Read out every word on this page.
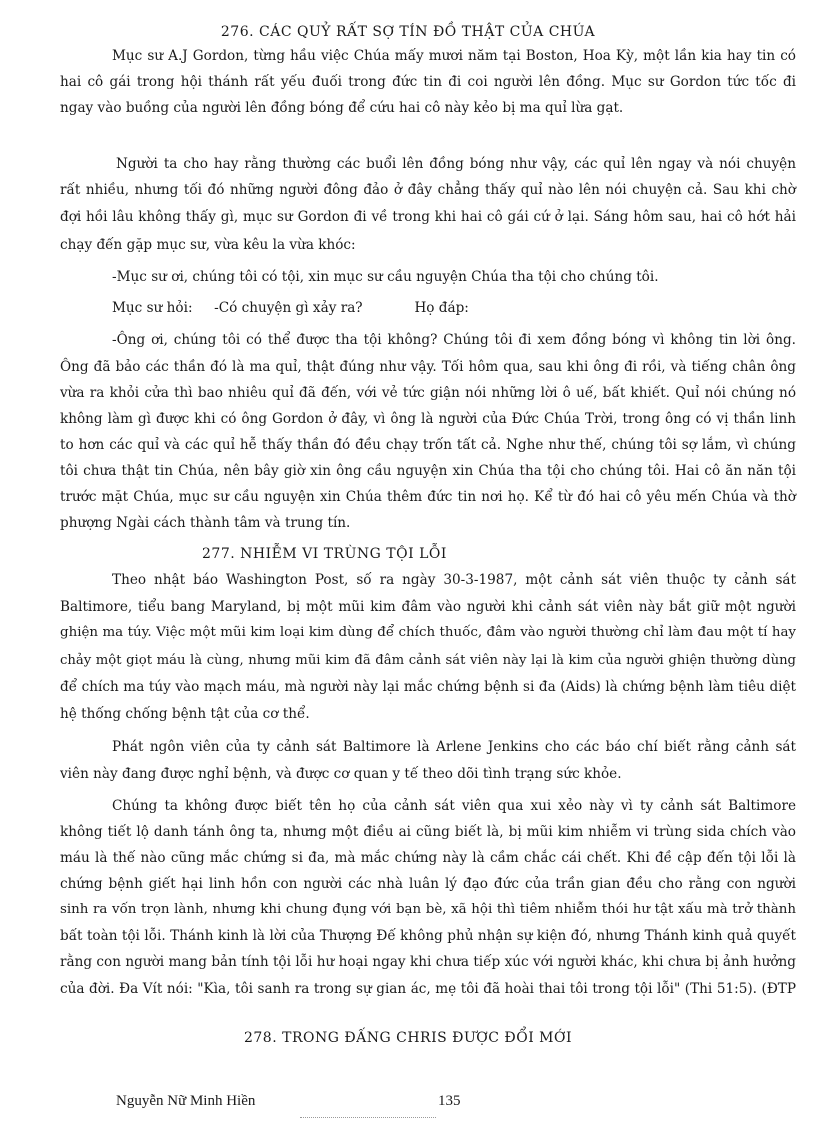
276. CÁC QUỶ RẤT SỢ TÍN ĐỒ THẬT CỦA CHÚA

Mục sư A.J Gordon, từng hầu việc Chúa mấy mươi năm tại Boston, Hoa Kỳ, một lần kia hay tin có

hai cô gái trong hội thánh rất yếu đuối trong đức tin đi coi người lên đồng. Mục sư Gordon tức tốc đi

ngay vào buồng của người lên đồng bóng để cứu hai cô này kẻo bị ma quỉ lừa gạt.

Người ta cho hay rằng thường các buổi lên đồng bóng như vậy, các quỉ lên ngay và nói chuyện

rất nhiều, nhưng tối đó những người đông đảo ở đây chẳng thấy quỉ nào lên nói chuyện cả. Sau khi chờ

đợi hồi lâu không thấy gì, mục sư Gordon đi về trong khi hai cô gái cứ ở lại. Sáng hôm sau, hai cô hớt hải

chạy đến gặp mục sư, vừa kêu la vừa khóc:

-Mục sư ơi, chúng tôi có tội, xin mục sư cầu nguyện Chúa tha tội cho chúng tôi.

Mục sư hỏi:     -Có chuyện gì xảy ra?            Họ đáp:

-Ông ơi, chúng tôi có thể được tha tội không? Chúng tôi đi xem đồng bóng vì không tin lời ông.

Ông đã bảo các thần đó là ma quỉ, thật đúng như vậy. Tối hôm qua, sau khi ông đi rồi, và tiếng chân ông

vừa ra khỏi cửa thì bao nhiêu quỉ đã đến, với vẻ tức giận nói những lời ô uế, bất khiết. Quỉ nói chúng nó

không làm gì được khi có ông Gordon ở đây, vì ông là người của Đức Chúa Trời, trong ông có vị thần linh

to hơn các quỉ và các quỉ hễ thấy thần đó đều chạy trốn tất cả. Nghe như thế, chúng tôi sợ lắm, vì chúng

tôi chưa thật tin Chúa, nên bây giờ xin ông cầu nguyện xin Chúa tha tội cho chúng tôi. Hai cô ăn năn tội

trước mặt Chúa, mục sư cầu nguyện xin Chúa thêm đức tin nơi họ. Kể từ đó hai cô yêu mến Chúa và thờ

phượng Ngài cách thành tâm và trung tín.

277. NHIỄM VI TRÙNG TỘI LỖI

Theo nhật báo Washington Post, số ra ngày 30-3-1987, một cảnh sát viên thuộc ty cảnh sát

Baltimore, tiểu bang Maryland, bị một mũi kim đâm vào người khi cảnh sát viên này bắt giữ một người

ghiện ma túy. Việc một mũi kim loại kim dùng để chích thuốc, đâm vào người thường chỉ làm đau một tí hay

chảy một giọt máu là cùng, nhưng mũi kim đã đâm cảnh sát viên này lại là kim của người ghiện thường dùng

để chích ma túy vào mạch máu, mà người này lại mắc chứng bệnh si đa (Aids) là chứng bệnh làm tiêu diệt

hệ thống chống bệnh tật của cơ thể.

Phát ngôn viên của ty cảnh sát Baltimore là Arlene Jenkins cho các báo chí biết rằng cảnh sát

viên này đang được nghỉ bệnh, và được cơ quan y tế theo dõi tình trạng sức khỏe.

Chúng ta không được biết tên họ của cảnh sát viên qua xui xẻo này vì ty cảnh sát Baltimore

không tiết lộ danh tánh ông ta, nhưng một điều ai cũng biết là, bị mũi kim nhiễm vi trùng sida chích vào

máu là thế nào cũng mắc chứng si đa, mà mắc chứng này là cầm chắc cái chết. Khi đề cập đến tội lỗi là

chứng bệnh giết hại linh hồn con người các nhà luân lý đạo đức của trần gian đều cho rằng con người

sinh ra vốn trọn lành, nhưng khi chung đụng với bạn bè, xã hội thì tiêm nhiễm thói hư tật xấu mà trở thành

bất toàn tội lỗi. Thánh kinh là lời của Thượng Đế không phủ nhận sự kiện đó, nhưng Thánh kinh quả quyết

rằng con người mang bản tính tội lỗi hư hoại ngay khi chưa tiếp xúc với người khác, khi chưa bị ảnh hưởng

của đời. Đa Vít nói: "Kìa, tôi sanh ra trong sự gian ác, mẹ tôi đã hoài thai tôi trong tội lỗi" (Thi 51:5). (ĐTP

278. TRONG ĐẤNG CHRIS ĐƯỢC ĐỔI MỚI
Nguyễn Nữ Minh Hiền	135
